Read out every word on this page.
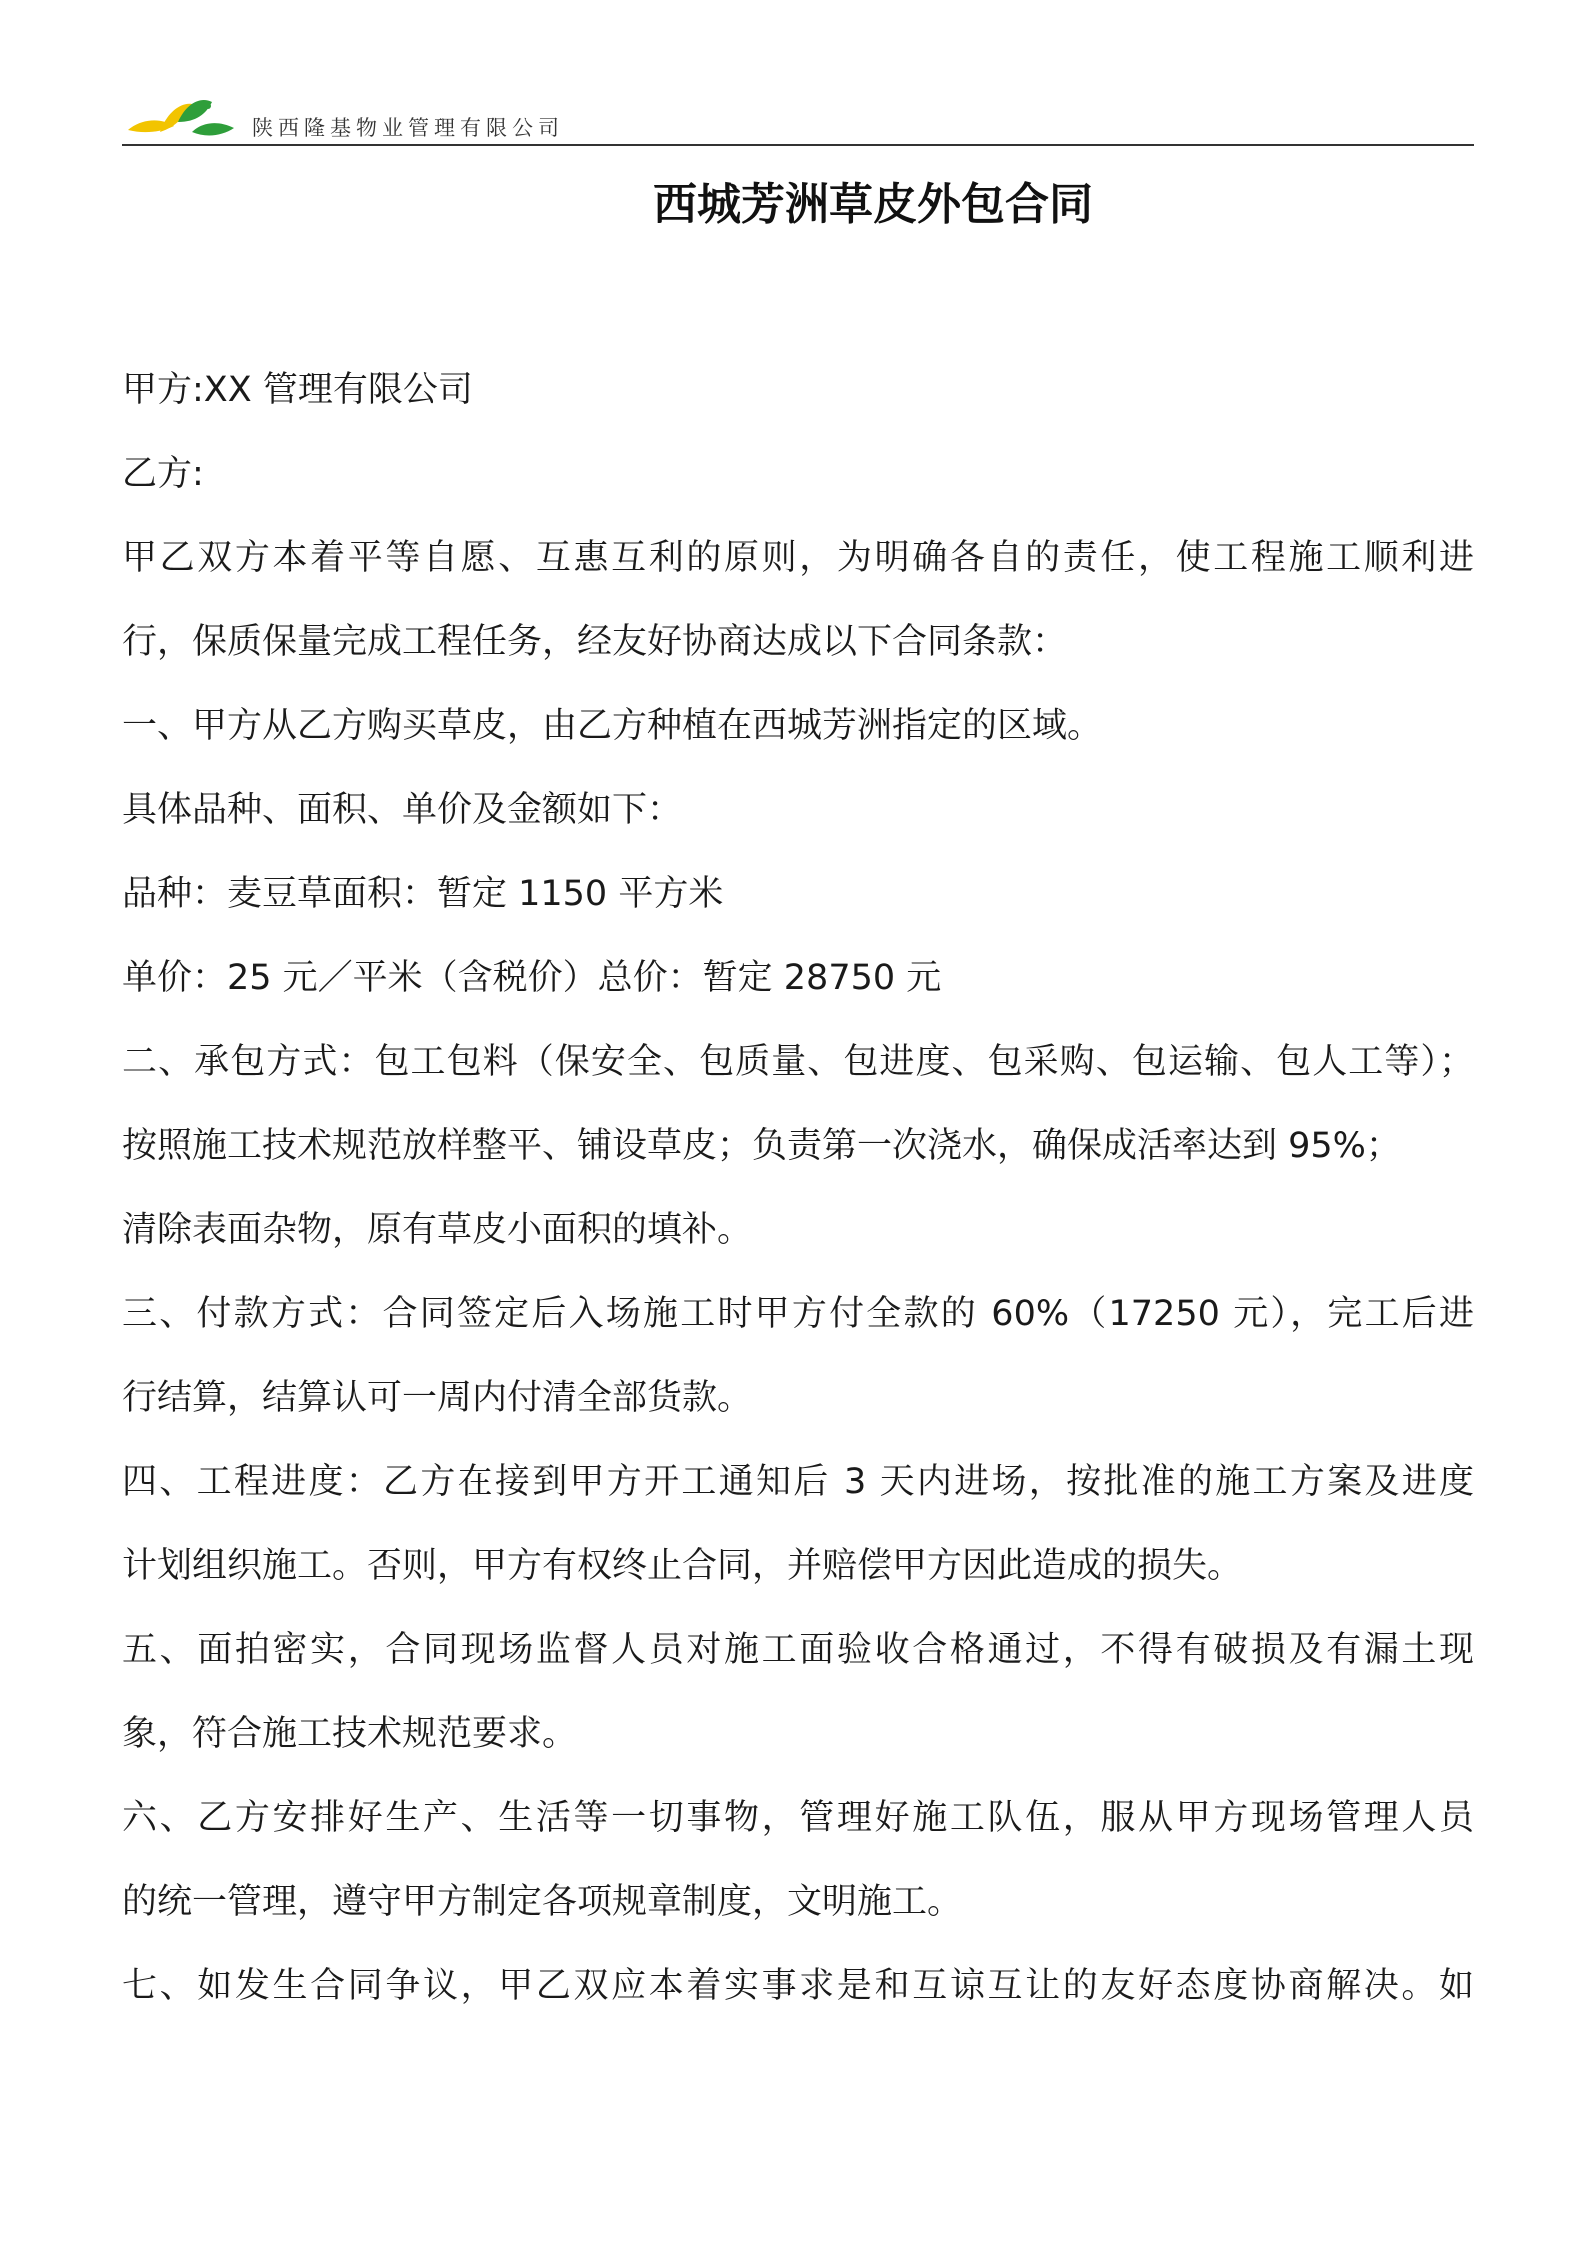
陕西隆基物业管理有限公司
西城芳洲草皮外包合同
甲方:XX 管理有限公司
乙方:
甲乙双方本着平等自愿、互惠互利的原则，为明确各自的责任，使工程施工顺利进
行，保质保量完成工程任务，经友好协商达成以下合同条款：
一、甲方从乙方购买草皮，由乙方种植在西城芳洲指定的区域。
具体品种、面积、单价及金额如下：
品种：麦豆草面积：暂定 1150 平方米
单价：25 元／平米（含税价）总价：暂定 28750 元
二、承包方式：包工包料（保安全、包质量、包进度、包采购、包运输、包人工等）；
按照施工技术规范放样整平、铺设草皮；负责第一次浇水，确保成活率达到 95%；
清除表面杂物，原有草皮小面积的填补。
三、付款方式：合同签定后入场施工时甲方付全款的 60%（17250 元），完工后进
行结算，结算认可一周内付清全部货款。
四、工程进度：乙方在接到甲方开工通知后 3 天内进场，按批准的施工方案及进度
计划组织施工。否则，甲方有权终止合同，并赔偿甲方因此造成的损失。
五、面拍密实，合同现场监督人员对施工面验收合格通过，不得有破损及有漏土现
象，符合施工技术规范要求。
六、乙方安排好生产、生活等一切事物，管理好施工队伍，服从甲方现场管理人员
的统一管理，遵守甲方制定各项规章制度，文明施工。
七、如发生合同争议，甲乙双应本着实事求是和互谅互让的友好态度协商解决。如
